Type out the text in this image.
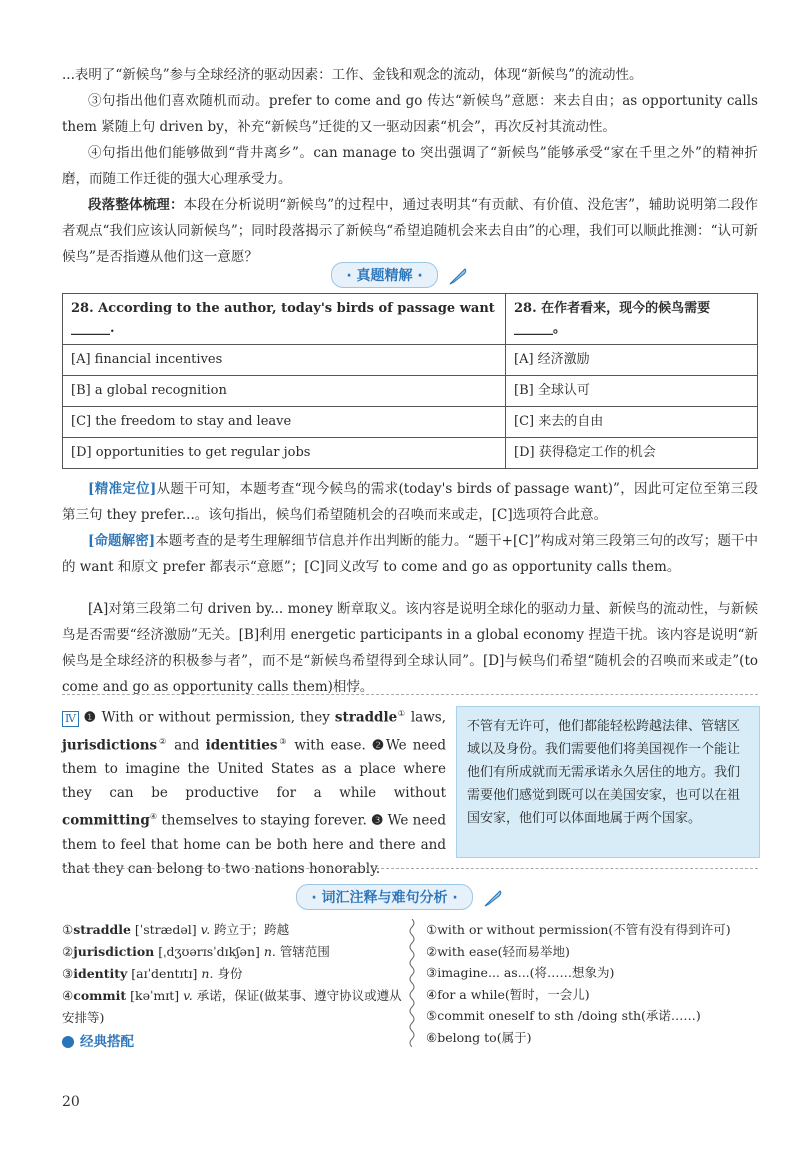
...表明了“新候鸟”参与全球经济的驱动因素：工作、金钱和观念的流动，体现“新候鸟”的流动性。

③句指出他们喜欢随机而动。prefer to come and go 传达“新候鸟”意愿：来去自由；as opportunity calls them 紧随上句 driven by，补充“新候鸟”迁徙的又一驱动因素“机会”，再次反衬其流动性。

④句指出他们能够做到“背井离乡”。can manage to 突出强调了“新候鸟”能够承受“家在千里之外”的精神折磨，而随工作迁徙的强大心理承受力。

段落整体梳理：本段在分析说明“新候鸟”的过程中，通过表明其“有贡献、有价值、没危害”，辅助说明第二段作者观点“我们应该认同新候鸟”；同时段落揭示了新候鸟“希望追随机会来去自由”的心理，我们可以顺此推测：“认可新候鸟”是否指遵从他们这一意愿？

· 真题精解 ·
28. According to the author, today's birds of passage want ______.	28. 在作者看来，现今的候鸟需要______。
[A] financial incentives	[A] 经济激励
[B] a global recognition	[B] 全球认可
[C] the freedom to stay and leave	[C] 来去的自由
[D] opportunities to get regular jobs	[D] 获得稳定工作的机会

[精准定位]从题干可知，本题考查“现今候鸟的需求(today's birds of passage want)”，因此可定位至第三段第三句 they prefer...。该句指出，候鸟们希望随机会的召唤而来或走，[C]选项符合此意。

[命题解密]本题考查的是考生理解细节信息并作出判断的能力。“题干+[C]”构成对第三段第三句的改写；题干中的 want 和原文 prefer 都表示“意愿”；[C]同义改写 to come and go as opportunity calls them。

[A]对第三段第二句 driven by... money 断章取义。该内容是说明全球化的驱动力量、新候鸟的流动性，与新候鸟是否需要“经济激励”无关。[B]利用 energetic participants in a global economy 捏造干扰。该内容是说明“新候鸟是全球经济的积极参与者”，而不是“新候鸟希望得到全球认同”。[D]与候鸟们希望“随机会的召唤而来或走”(to come and go as opportunity calls them)相悖。

Ⅳ ❶ With or without permission, they straddle① laws, jurisdictions② and identities③ with ease. ❷We need them to imagine the United States as a place where they can be productive for a while without committing④ themselves to staying forever. ❸ We need them to feel that home can be both here and there and that they can belong to two nations honorably.
不管有无许可，他们都能轻松跨越法律、管辖区域以及身份。我们需要他们将美国视作一个能让他们有所成就而无需承诺永久居住的地方。我们需要他们感觉到既可以在美国安家，也可以在祖国安家，他们可以体面地属于两个国家。
· 词汇注释与难句分析 ·
①straddle [ˈstrædəl] v. 跨立于；跨越
②jurisdiction [ˌdʒʊərɪsˈdɪkʃən] n. 管辖范围
③identity [aɪˈdentɪtɪ] n. 身份
④commit [kəˈmɪt] v. 承诺，保证(做某事、遵守协议或遵从安排等)
①with or without permission(不管有没有得到许可)
②with ease(轻而易举地)
③imagine... as...(将……想象为)
④for a while(暂时，一会儿)
⑤commit oneself to sth /doing sth(承诺……)
⑥belong to(属于)
经典搭配
20
